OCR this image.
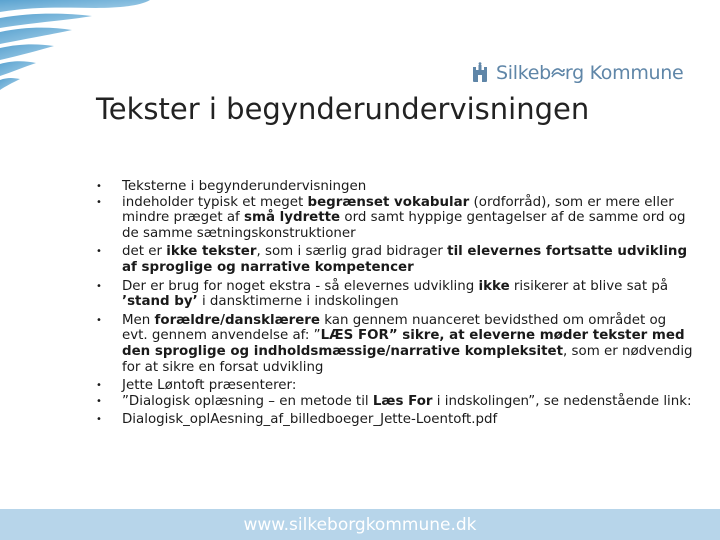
Silkeb rg Kommune
Tekster i begynderundervisningen
• Teksterne i begynderundervisningen
• indeholder typisk et meget begrænset vokabular (ordforråd), som er mere eller mindre præget af små lydrette ord samt hyppige gentagelser af de samme ord og de samme sætningskonstruktioner
• det er ikke tekster, som i særlig grad bidrager til elevernes fortsatte udvikling af sproglige og narrative kompetencer
• Der er brug for noget ekstra - så elevernes udvikling ikke risikerer at blive sat på ’stand by’ i dansktimerne i indskolingen
• Men forældre/dansklærere kan gennem nuanceret bevidsthed om området og evt. gennem anvendelse af: ”LÆS FOR” sikre, at eleverne møder tekster med den sproglige og indholdsmæssige/narrative kompleksitet, som er nødvendig for at sikre en forsat udvikling
• Jette Løntoft præsenterer:
• ”Dialogisk oplæsning – en metode til Læs For i indskolingen”, se nedenstående link:
• Dialogisk_oplAesning_af_billedboeger_Jette-Loentoft.pdf
www.silkeborgkommune.dk
